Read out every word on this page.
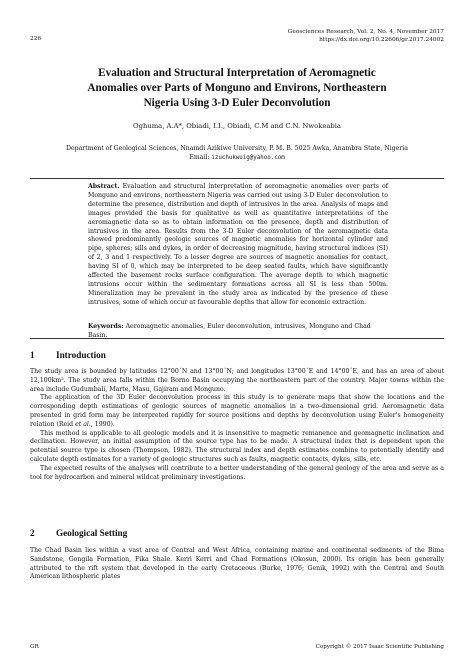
226
Geosciences Research, Vol. 2, No. 4, November 2017
https://dx.doi.org/10.22606/gr.2017.24002
Evaluation and Structural Interpretation of Aeromagnetic
Anomalies over Parts of Monguno and Environs, Northeastern
Nigeria Using 3-D Euler Deconvolution
Oghuma, A.A*, Obiadi, I.I., Obiadi, C.M and C.N. Nwokeabia
Department of Geological Sciences, Nnamdi Azikiwe University, P. M. B. 5025 Awka, Anambra State, Nigeria
Email: izuchukwuig@yahoo.com
Abstract. Evaluation and structural interpretation of aeromagnetic anomalies over parts of Monguno and environs, northeastern Nigeria was carried out using 3-D Euler deconvolution to determine the presence, distribution and depth of intrusives in the area. Analysis of maps and images provided the basis for qualitative as well as quantitative interpretations of the aeromagnetic data so as to obtain information on the presence, depth and distribution of intrusives in the area. Results from the 3-D Euler deconvolution of the aeromagnetic data showed predominantly geologic sources of magnetic anomalies for horizontal cylinder and pipe, spheres; sills and dykes, in order of decreasing magnitude, having structural indices (SI) of 2, 3 and 1 respectively. To a lesser degree are sources of magnetic anomalies for contact, having SI of 0, which may be interpreted to be deep seated faults, which have significantly affected the basement rocks surface configuration. The average depth to which magnetic intrusions occur within the sedimentary formations across all SI is less than 500m. Mineralization may be prevalent in the study area as indicated by the presence of these intrusives, some of which occur at favourable depths that allow for economic extraction.
Keywords: Aeromagnetic anomalies, Euler deconvolution, intrusives, Monguno and Chad Basin.
1 Introduction

The study area is bounded by latitudes 12°00´N and 13°00´N; and longitudes 13°00´E and 14°00´E, and has an area of about 12,100km². The study area falls within the Borno Basin occupying the northeastern part of the country. Major towns within the area include Gudumbali, Marte, Masu, Gajiram and Monguno.

The application of the 3D Euler deconvolution process in this study is to generate maps that show the locations and the corresponding depth estimations of geologic sources of magnetic anomalies in a two-dimensional grid. Aeromagnetic data presented in grid form may be interpreted rapidly for source positions and depths by deconvolution using Euler's homogeneity relation (Reid et al., 1990).

This method is applicable to all geologic models and it is insensitive to magnetic remanence and geomagnetic inclination and declination. However, an initial assumption of the source type has to be made. A structural index that is dependent upon the potential source type is chosen (Thompson, 1982). The structural index and depth estimates combine to potentially identify and calculate depth estimates for a variety of geologic structures such as faults, magnetic contacts, dykes, sills, etc.

The expected results of the analyses will contribute to a better understanding of the general geology of the area and serve as a tool for hydrocarbon and mineral wildcat preliminary investigations.

2 Geological Setting

The Chad Basin lies within a vast area of Central and West Africa, containing marine and continental sediments of the Bima Sandstone, Gongila Formation, Fika Shale. Kerri Kerri and Chad Formations (Okosun, 2000). Its origin has been generally attributed to the rift system that developed in the early Cretaceous (Burke, 1976; Genik, 1992) with the Central and South American lithospheric plates

GR	Copyright © 2017 Isaac Scientific Publishing
